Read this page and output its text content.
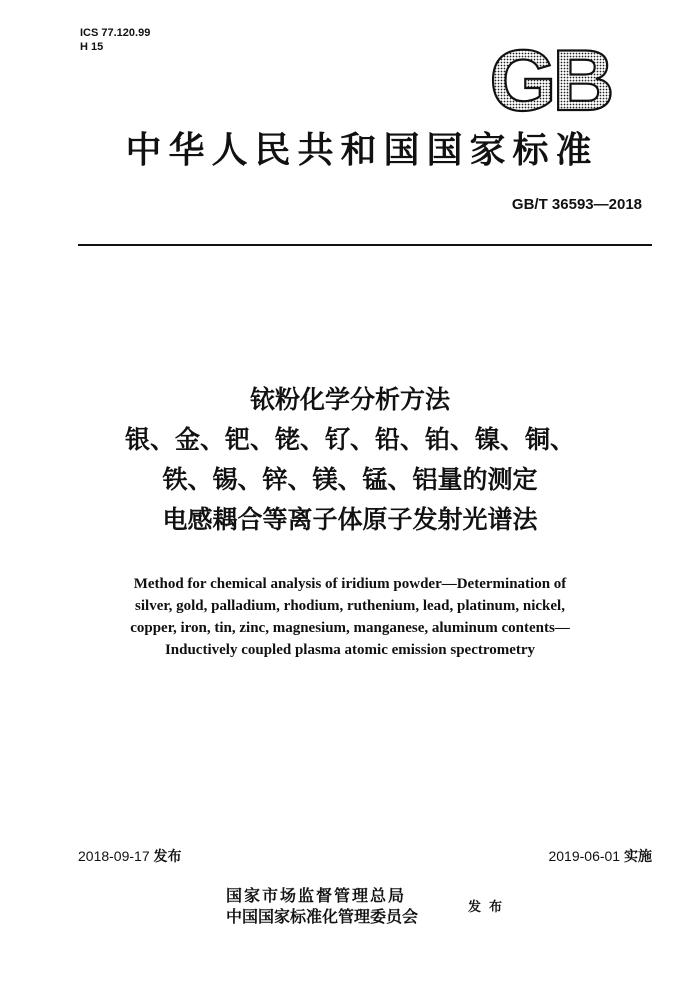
ICS 77.120.99
H 15	GB
中华人民共和国国家标准
GB/T 36593—2018
铱粉化学分析方法
银、金、钯、铑、钌、铅、铂、镍、铜、
铁、锡、锌、镁、锰、铝量的测定
电感耦合等离子体原子发射光谱法
Method for chemical analysis of iridium powder—Determination of
silver, gold, palladium, rhodium, ruthenium, lead, platinum, nickel,
copper, iron, tin, zinc, magnesium, manganese, aluminum contents—
Inductively coupled plasma atomic emission spectrometry
2018-09-17 发布	2019-06-01 实施
国家市场监督管理总局
中国国家标准化管理委员会	发布
